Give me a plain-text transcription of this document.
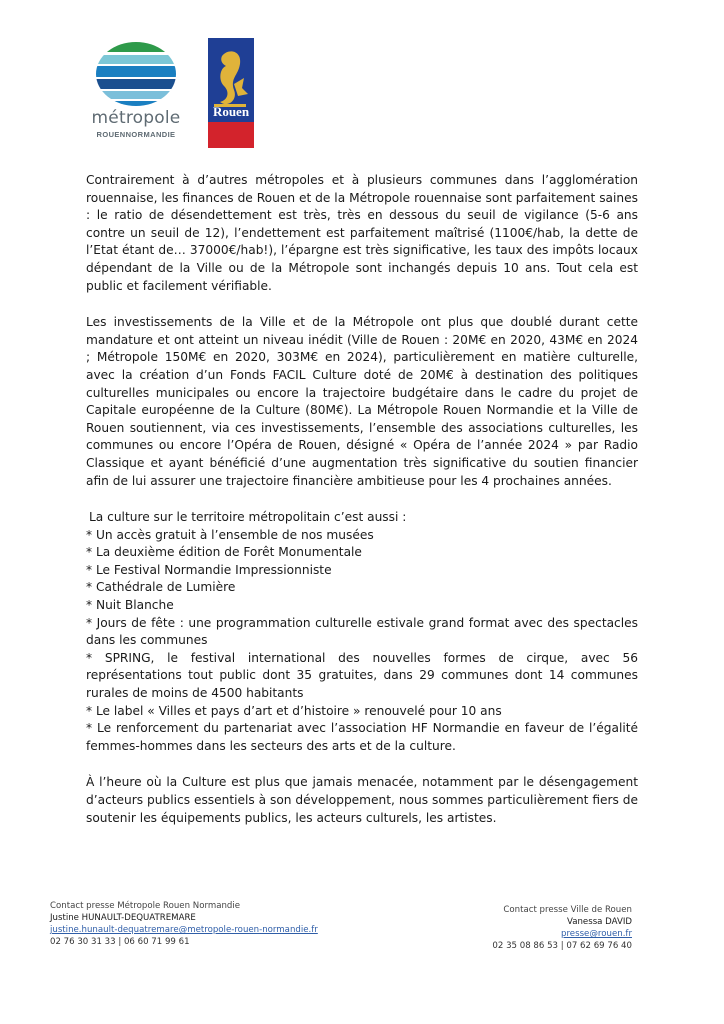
métropole
ROUENNORMANDIE
Rouen

Contrairement à d’autres métropoles et à plusieurs communes dans l’agglomération rouennaise, les finances de Rouen et de la Métropole rouennaise sont parfaitement saines : le ratio de désendettement est très, très en dessous du seuil de vigilance (5-6 ans contre un seuil de 12), l’endettement est parfaitement maîtrisé (1100€/hab, la dette de l’Etat étant de… 37000€/hab!), l’épargne est très significative, les taux des impôts locaux dépendant de la Ville ou de la Métropole sont inchangés depuis 10 ans. Tout cela est public et facilement vérifiable.

Les investissements de la Ville et de la Métropole ont plus que doublé durant cette mandature et ont atteint un niveau inédit (Ville de Rouen : 20M€ en 2020, 43M€ en 2024 ; Métropole 150M€ en 2020, 303M€ en 2024), particulièrement en matière culturelle, avec la création d’un Fonds FACIL Culture doté de 20M€ à destination des politiques culturelles municipales ou encore la trajectoire budgétaire dans le cadre du projet de Capitale européenne de la Culture (80M€). La Métropole Rouen Normandie et la Ville de Rouen soutiennent, via ces investissements, l’ensemble des associations culturelles, les communes ou encore l’Opéra de Rouen, désigné « Opéra de l’année 2024 » par Radio Classique et ayant bénéficié d’une augmentation très significative du soutien financier afin de lui assurer une trajectoire financière ambitieuse pour les 4 prochaines années.

La culture sur le territoire métropolitain c’est aussi :

* Un accès gratuit à l’ensemble de nos musées

* La deuxième édition de Forêt Monumentale

* Le Festival Normandie Impressionniste

* Cathédrale de Lumière

* Nuit Blanche

* Jours de fête : une programmation culturelle estivale grand format avec des spectacles dans les communes

* SPRING, le festival international des nouvelles formes de cirque, avec 56 représentations tout public dont 35 gratuites, dans 29 communes dont 14 communes rurales de moins de 4500 habitants

* Le label « Villes et pays d’art et d’histoire » renouvelé pour 10 ans

* Le renforcement du partenariat avec l’association HF Normandie en faveur de l’égalité femmes-hommes dans les secteurs des arts et de la culture.

À l’heure où la Culture est plus que jamais menacée, notamment par le désengagement d’acteurs publics essentiels à son développement, nous sommes particulièrement fiers de soutenir les équipements publics, les acteurs culturels, les artistes.

Contact presse Métropole Rouen Normandie
Justine HUNAULT-DEQUATREMARE
justine.hunault-dequatremare@metropole-rouen-normandie.fr
02 76 30 31 33 | 06 60 71 99 61
Contact presse Ville de Rouen
Vanessa DAVID
presse@rouen.fr
02 35 08 86 53 | 07 62 69 76 40
